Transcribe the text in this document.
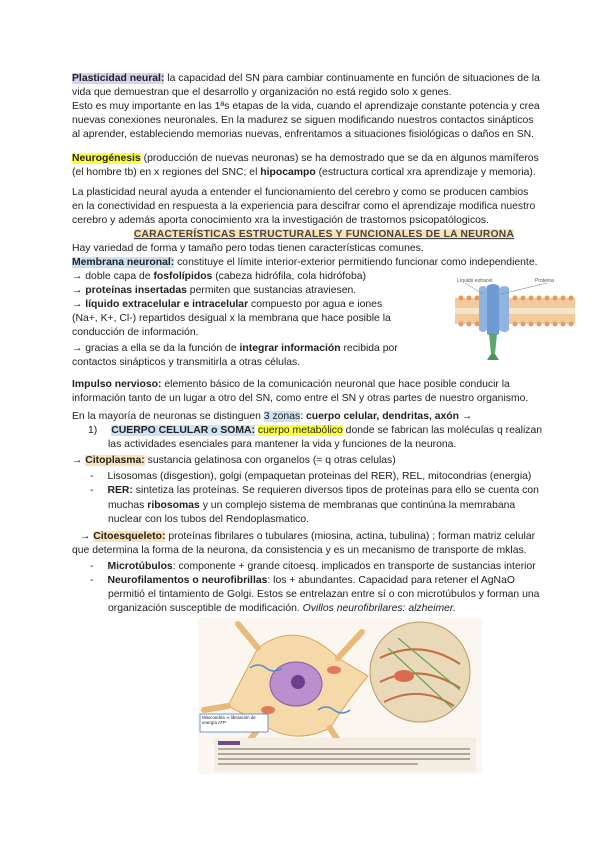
Plasticidad neural: la capacidad del SN para cambiar continuamente en función de situaciones de la
vida que demuestran que el desarrollo y organización no está regido solo x genes.
Esto es muy importante en las 1ªs etapas de la vida, cuando el aprendizaje constante potencia y crea
nuevas conexiones neuronales. En la madurez se siguen modificando nuestros contactos sinápticos
al aprender, estableciendo memorias nuevas, enfrentamos a situaciones fisiológicas o daños en SN.
Neurogénesis (producción de nuevas neuronas) se ha demostrado que se da en algunos mamíferos
(el hombre tb) en x regiones del SNC; el hipocampo (estructura cortical xra aprendizaje y memoria).
La plasticidad neural ayuda a entender el funcionamiento del cerebro y como se producen cambios
en la conectividad en respuesta a la experiencia para descifrar como el aprendizaje modifica nuestro
cerebro y además aporta conocimiento xra la investigación de trastornos psicopatólogicos.
CARACTERÍSTICAS ESTRUCTURALES Y FUNCIONALES DE LA NEURONA
Hay variedad de forma y tamaño pero todas tienen características comunes.
Membrana neuronal: constituye el límite interior-exterior permitiendo funcionar como independiente.
→ doble capa de fosfolípidos (cabeza hidrófila, cola hidrófoba)
→ proteínas insertadas permiten que sustancias atraviesen.
→ líquido extracelular e intracelular compuesto por agua e iones
(Na+, K+, Cl-) repartidos desigual x la membrana que hace posible la
conducción de información.
→ gracias a ella se da la función de integrar información recibida por
contactos sinápticos y transmitirla a otras células.
Líquido extracel.	Proteína
Impulso nervioso: elemento básico de la comunicación neuronal que hace posible conducir la
información tanto de un lugar a otro del SN, como entre el SN y otras partes de nuestro organismo.
En la mayoría de neuronas se distinguen 3 zonas: cuerpo celular, dendritas, axón →
1) CUERPO CELULAR o SOMA: cuerpo metabólico donde se fabrican las moléculas q realizan
las actividades esenciales para mantener la vida y funciones de la neurona.
→ Citoplasma: sustancia gelatinosa con organelos (= q otras celulas)
- Lisosomas (disgestion), golgi (empaquetan proteinas del RER), REL, mitocondrias (energia)
- RER: sintetiza las proteínas. Se requieren diversos tipos de proteínas para ello se cuenta con
muchas ribosomas y un complejo sistema de membranas que continúna la memrabana
nuclear con los tubos del Rendoplasmatico.
→ Citoesqueleto: proteínas fibrilares o tubulares (miosina, actina, tubulina) ; forman matriz celular
que determina la forma de la neurona, da consistencia y es un mecanismo de transporte de mklas.
- Microtúbulos: componente + grande citoesq. implicados en transporte de sustancias interior
- Neurofilamentos o neurofibrillas: los + abundantes. Capacidad para retener el AgNaO
permitió el tintamiento de Golgi. Estos se entrelazan entre sí o con microtúbulos y forman una
organización susceptible de modificación. Ovillos neurofibrilares: alzheimer.
Mitocondria ⇒ liberación de energía ATP
